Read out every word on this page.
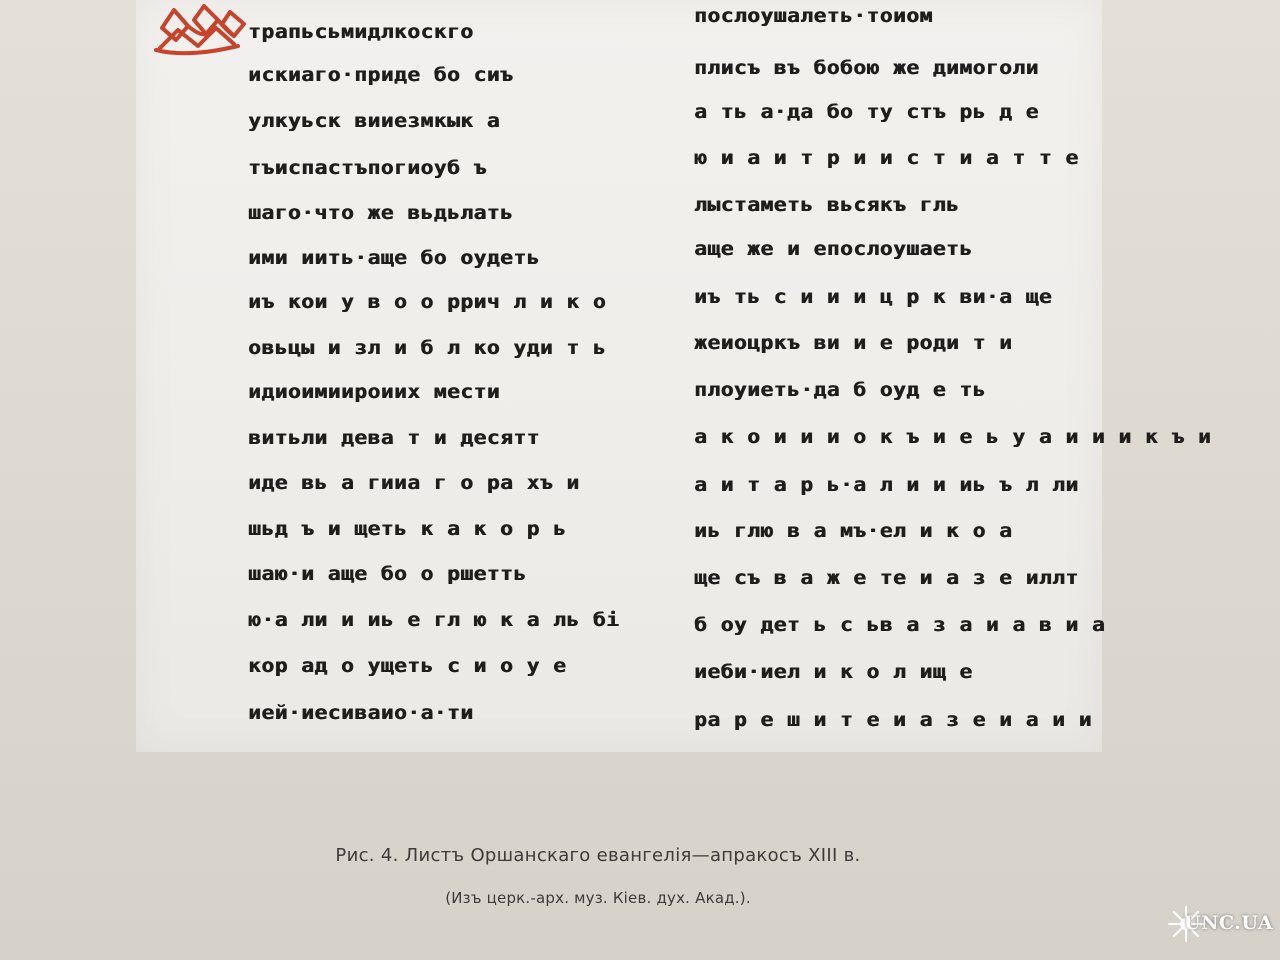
трапьсьмидлкоскго
искиаго·приде бо сиъ
улкуьск вииезмкык а
тъиспастъпогиоуб ъ
шаго·что же вьдьлать
ими иить·аще бо оудеть
иъ кои у в о о ррич л и к о
овьцы и зл и б л ко уди т ь
идиоимиироиих мести
витьли дева т и десятт
иде вь а гииа г о ра хъ и
шьд ъ и щеть к а к о р ь
шаю·и аще бо о ршетть
ю·а ли и иь е гл ю к а ль бі
кор ад о ущеть с и о у е
ией·иесиваио·а·ти
послоушалеть·тоиом
плисъ въ бобою же димоголи
а ть а·да бо ту стъ рь д е
ю и а и т р и и с т и а т т е
лыстаметь вьсякъ гль
аще же и епослоушаеть
иъ ть с и и и ц р к ви·а ще
жеиоцркъ ви и е роди т и
плоуиеть·да б оуд е ть
а к о и и и о к ъ и е ь у а и и и к ъ и
а и т а р ь·а л и и иь ъ л ли
иь глю в а мъ·ел и к о а
ще съ в а ж е те и а з е иллт
б оу дет ь с ьв а з а и а в и а
иеби·иел и к о л ищ е
ра р е ш и т е и а з е и а и и
Рис. 4. Листъ Оршанскаго евангелія—апракосъ XIII в.
(Изъ церк.-арх. муз. Кіев. дух. Акад.).
UNC.UA
